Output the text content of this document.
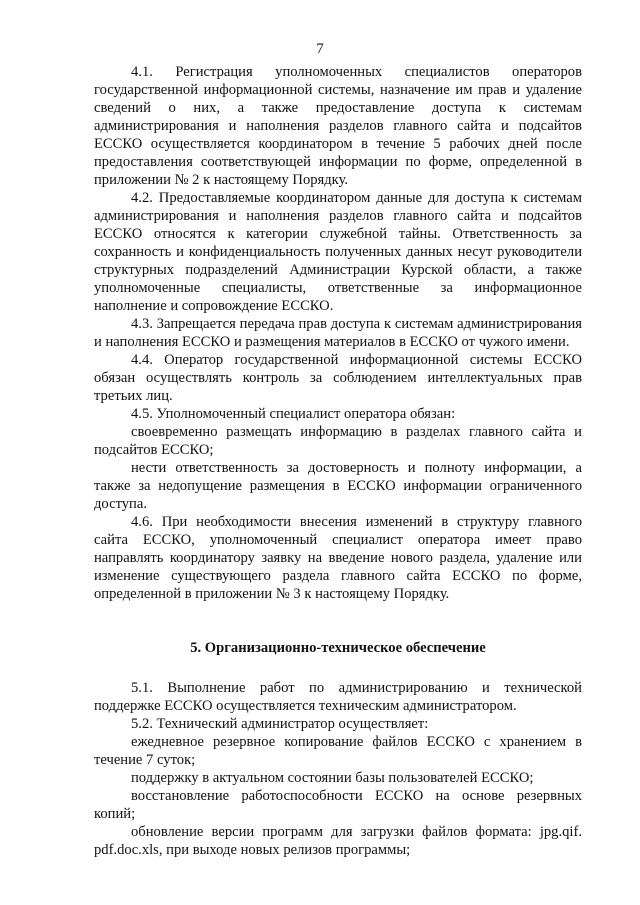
7

4.1. Регистрация уполномоченных специалистов операторов государственной информационной системы, назначение им прав и удаление сведений о них, а также предоставление доступа к системам администрирования и наполнения разделов главного сайта и подсайтов ЕССКО осуществляется координатором в течение 5 рабочих дней после предоставления соответствующей информации по форме, определенной в приложении № 2 к настоящему Порядку.

4.2. Предоставляемые координатором данные для доступа к системам администрирования и наполнения разделов главного сайта и подсайтов ЕССКО относятся к категории служебной тайны. Ответственность за сохранность и конфиденциальность полученных данных несут руководители структурных подразделений Администрации Курской области, а также уполномоченные специалисты, ответственные за информационное наполнение и сопровождение ЕССКО.

4.3. Запрещается передача прав доступа к системам администрирования и наполнения ЕССКО и размещения материалов в ЕССКО от чужого имени.

4.4. Оператор государственной информационной системы ЕССКО обязан осуществлять контроль за соблюдением интеллектуальных прав третьих лиц.

4.5. Уполномоченный специалист оператора обязан:

своевременно размещать информацию в разделах главного сайта и подсайтов ЕССКО;

нести ответственность за достоверность и полноту информации, а также за недопущение размещения в ЕССКО информации ограниченного доступа.

4.6. При необходимости внесения изменений в структуру главного сайта ЕССКО, уполномоченный специалист оператора имеет право направлять координатору заявку на введение нового раздела, удаление или изменение существующего раздела главного сайта ЕССКО по форме, определенной в приложении № 3 к настоящему Порядку.

5. Организационно-техническое обеспечение

5.1. Выполнение работ по администрированию и технической поддержке ЕССКО осуществляется техническим администратором.

5.2. Технический администратор осуществляет:

ежедневное резервное копирование файлов ЕССКО с хранением в течение 7 суток;

поддержку в актуальном состоянии базы пользователей ЕССКО;

восстановление работоспособности ЕССКО на основе резервных копий;

обновление версии программ для загрузки файлов формата: jpg.qif. pdf.doc.xls, при выходе новых релизов программы;
